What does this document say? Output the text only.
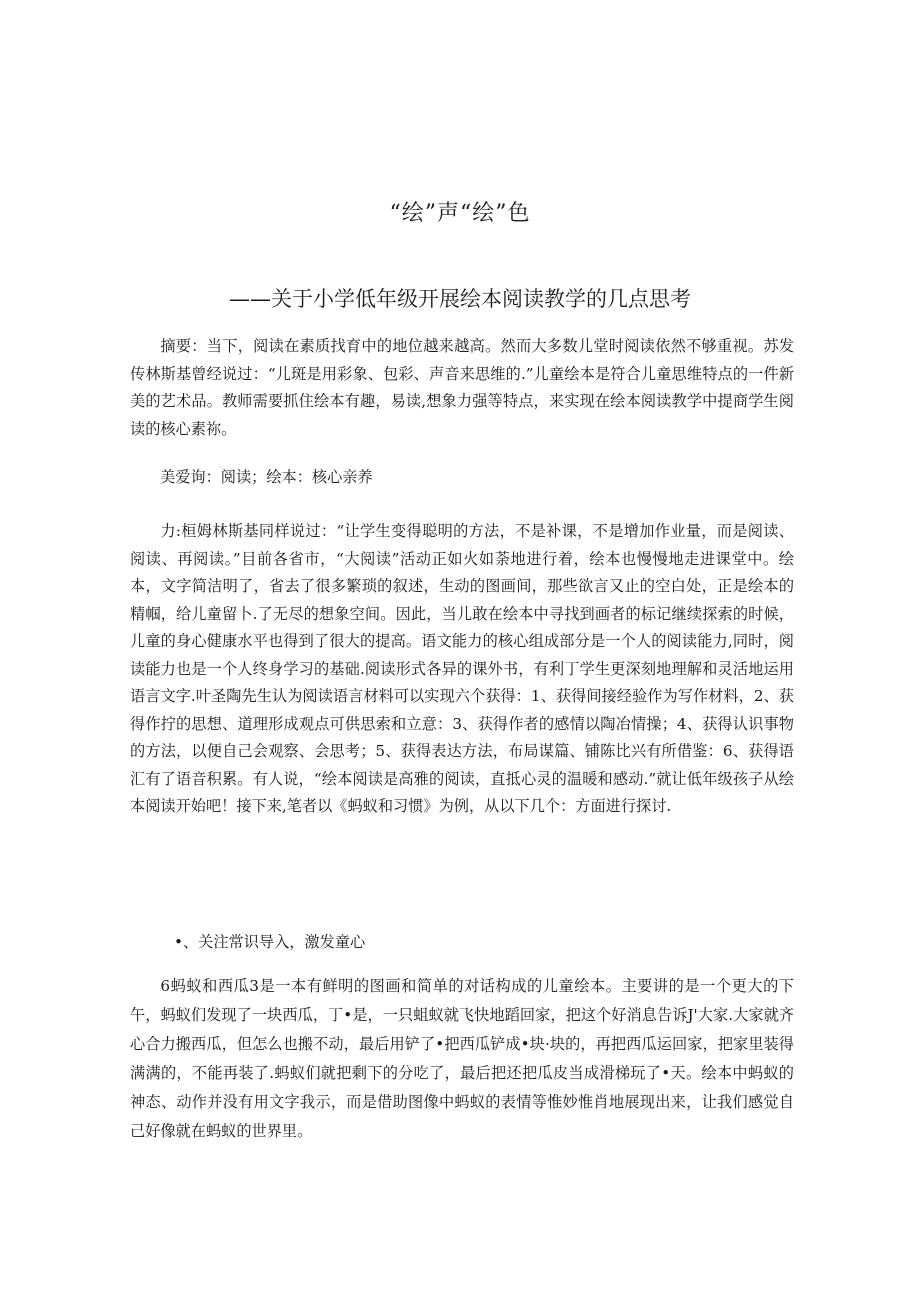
“绘”声“绘”色
——关于小学低年级开展绘本阅读教学的几点思考

摘要：当下，阅读在素质找育中的地位越来越高。然而大多数儿堂时阅读依然不够重视。苏发传林斯基曾经说过：“儿斑是用彩象、包彩、声音来思维的.”儿童绘本是符合儿童思维特点的一件新美的艺术品。教师需要抓住绘本有趣，易读,想象力强等特点，来实现在绘本阅读教学中提商学生阅读的核心素祢。

美爱询：阅读；绘本：核心亲养

力:桓姆林斯基同样说过：“让学生变得聪明的方法，不是补课，不是增加作业量，而是阅读、阅读、再阅读。”目前各省市，“大阅读”活动正如火如荼地进行着，绘本也慢慢地走进课堂中。绘本，文字简洁明了，省去了很多繁琐的叙述，生动的图画间，那些欲言又止的空白处，正是绘本的精帼，给儿童留卜.了无尽的想象空间。因此，当儿敢在绘本中寻找到画者的标记继续探索的时候，儿童的身心健康水平也得到了很大的提高。语文能力的核心组成部分是一个人的阅读能力,同时，阅读能力也是一个人终身学习的基础.阅读形式各异的课外书，有利丁学生更深刻地理解和灵活地运用语言文字.叶圣陶先生认为阅读语言材料可以实现六个获得：1、获得间接经验作为写作材料，2、获得作拧的思想、道理形成观点可供思索和立意：3、获得作者的感情以陶冶情操；4、获得认识事物的方法，以便自己会观察、会思考；5、获得表达方法，布局谋篇、铺陈比兴有所借鉴：6、获得语汇有了语音积累。有人说，“绘本阅读是高雅的阅读，直抵心灵的温暖和感动.”就让低年级孩子从绘本阅读开始吧！接下来,笔者以《蚂蚁和习惯》为例，从以下几个：方面进行探讨.

•、关注常识导入，激发童心

6蚂蚁和西瓜3是一本有鲜明的图画和简单的对话构成的儿童绘本。主要讲的是一个更大的下午，蚂蚁们发现了一块西瓜，丁•是，一只蛆蚁就飞快地蹈回家，把这个好消息告诉J'大家.大家就齐心合力搬西瓜，但怎么也搬不动，最后用铲了•把西瓜铲成•块·块的，再把西瓜运回家，把家里装得满满的，不能再装了.蚂蚁们就把剩下的分吃了，最后把还把瓜皮当成滑梯玩了•天。绘本中蚂蚁的神态、动作并没有用文字我示，而是借助图像中蚂蚁的表情等惟妙惟肖地展现出来，让我们感觉自己好像就在蚂蚁的世界里。
